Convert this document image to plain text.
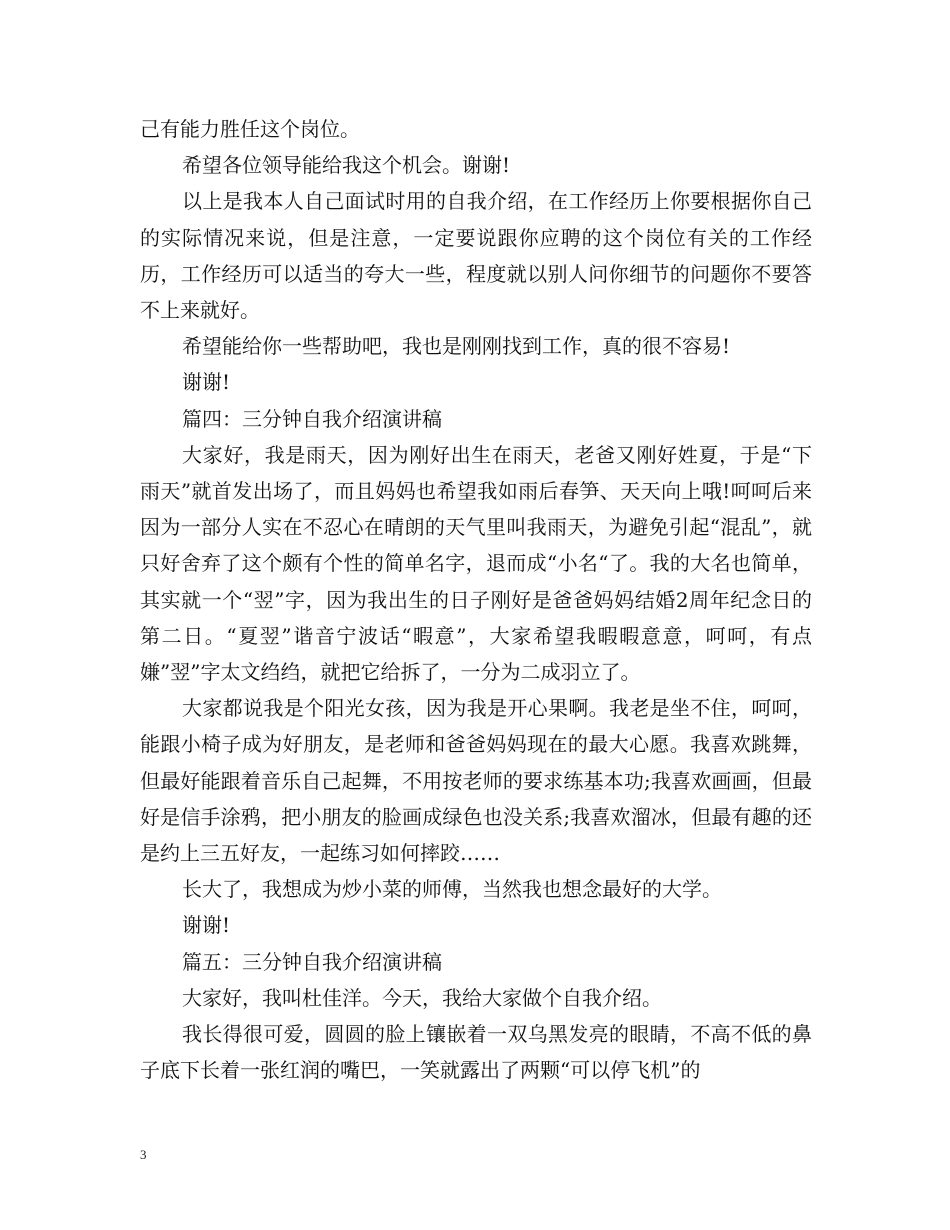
己有能力胜任这个岗位。

希望各位领导能给我这个机会。谢谢!

以上是我本人自己面试时用的自我介绍，在工作经历上你要根据你自己的实际情况来说，但是注意，一定要说跟你应聘的这个岗位有关的工作经历，工作经历可以适当的夸大一些，程度就以别人问你细节的问题你不要答不上来就好。

希望能给你一些帮助吧，我也是刚刚找到工作，真的很不容易!

谢谢!

篇四：三分钟自我介绍演讲稿

大家好，我是雨天，因为刚好出生在雨天，老爸又刚好姓夏，于是“下雨天”就首发出场了，而且妈妈也希望我如雨后春笋、天天向上哦!呵呵后来因为一部分人实在不忍心在晴朗的天气里叫我雨天，为避免引起“混乱”，就只好舍弃了这个颇有个性的简单名字，退而成“小名“了。我的大名也简单，其实就一个“翌”字，因为我出生的日子刚好是爸爸妈妈结婚2周年纪念日的第二日。“夏翌”谐音宁波话“暇意”，大家希望我暇暇意意，呵呵，有点嫌”翌”字太文绉绉，就把它给拆了，一分为二成羽立了。

大家都说我是个阳光女孩，因为我是开心果啊。我老是坐不住，呵呵，能跟小椅子成为好朋友，是老师和爸爸妈妈现在的最大心愿。我喜欢跳舞，但最好能跟着音乐自己起舞，不用按老师的要求练基本功;我喜欢画画，但最好是信手涂鸦，把小朋友的脸画成绿色也没关系;我喜欢溜冰，但最有趣的还是约上三五好友，一起练习如何摔跤……

长大了，我想成为炒小菜的师傅，当然我也想念最好的大学。

谢谢!

篇五：三分钟自我介绍演讲稿

大家好，我叫杜佳洋。今天，我给大家做个自我介绍。

我长得很可爱，圆圆的脸上镶嵌着一双乌黑发亮的眼睛，不高不低的鼻子底下长着一张红润的嘴巴，一笑就露出了两颗“可以停飞机”的

3
